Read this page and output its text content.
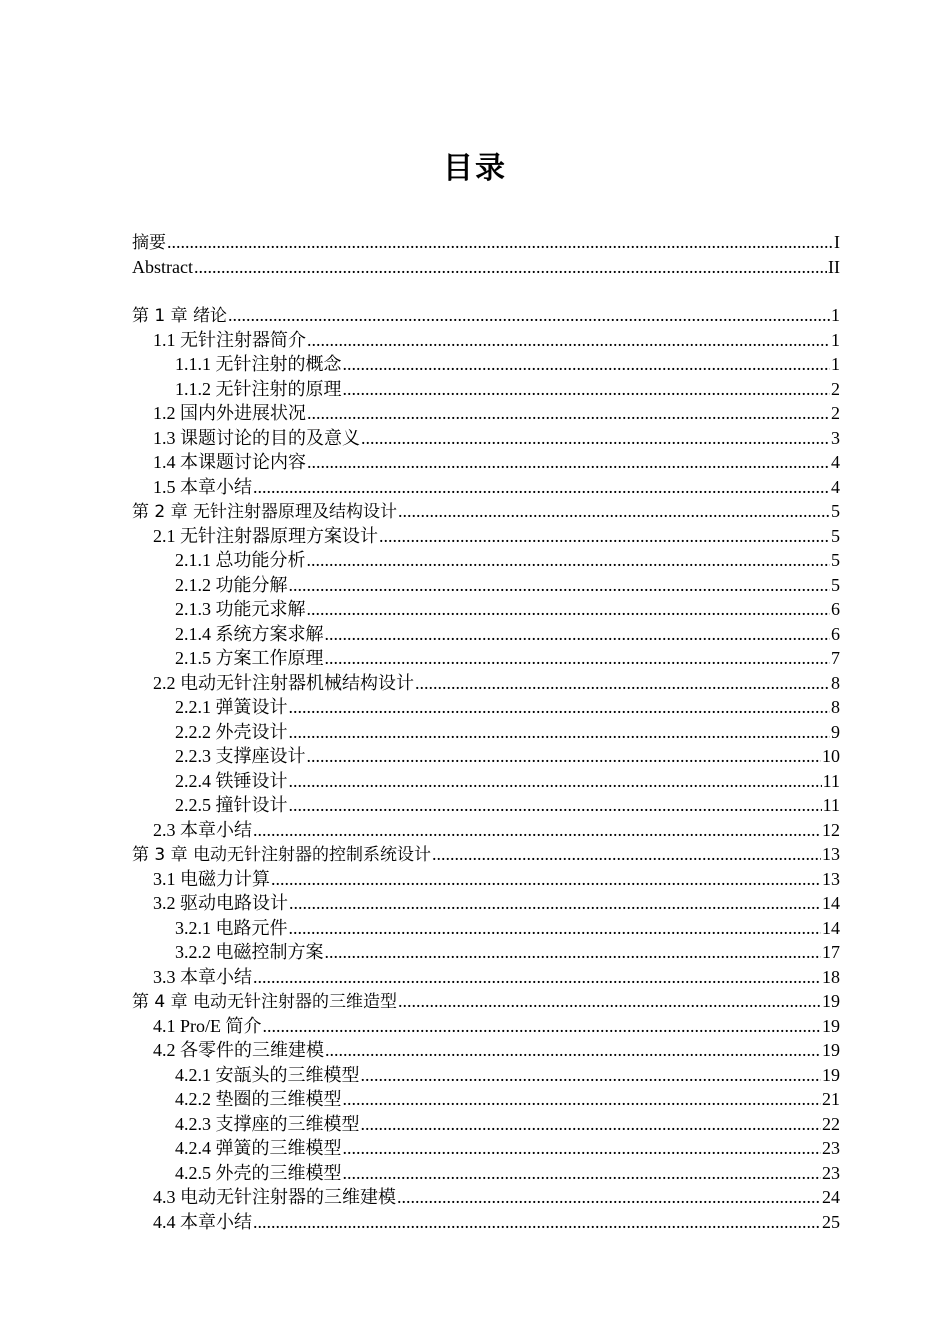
目录
摘要 .....	I
Abstract .....	II
第 1 章 绪论 .....	1
1.1 无针注射器简介 .....	1
1.1.1 无针注射的概念 .....	1
1.1.2 无针注射的原理 .....	2
1.2 国内外进展状况 .....	2
1.3 课题讨论的目的及意义 .....	3
1.4 本课题讨论内容 .....	4
1.5 本章小结 .....	4
第 2 章 无针注射器原理及结构设计 .....	5
2.1 无针注射器原理方案设计 .....	5
2.1.1 总功能分析 .....	5
2.1.2 功能分解 .....	5
2.1.3 功能元求解 .....	6
2.1.4 系统方案求解 .....	6
2.1.5 方案工作原理 .....	7
2.2 电动无针注射器机械结构设计 .....	8
2.2.1 弹簧设计 .....	8
2.2.2 外壳设计 .....	9
2.2.3 支撑座设计 .....	10
2.2.4 铁锤设计 .....	11
2.2.5 撞针设计 .....	11
2.3 本章小结 .....	12
第 3 章 电动无针注射器的控制系统设计 .....	13
3.1 电磁力计算 .....	13
3.2 驱动电路设计 .....	14
3.2.1 电路元件 .....	14
3.2.2 电磁控制方案 .....	17
3.3 本章小结 .....	18
第 4 章 电动无针注射器的三维造型 .....	19
4.1 Pro/E 简介 .....	19
4.2 各零件的三维建模 .....	19
4.2.1 安瓿头的三维模型 .....	19
4.2.2 垫圈的三维模型 .....	21
4.2.3 支撑座的三维模型 .....	22
4.2.4 弹簧的三维模型 .....	23
4.2.5 外壳的三维模型 .....	23
4.3 电动无针注射器的三维建模 .....	24
4.4 本章小结 .....	25
